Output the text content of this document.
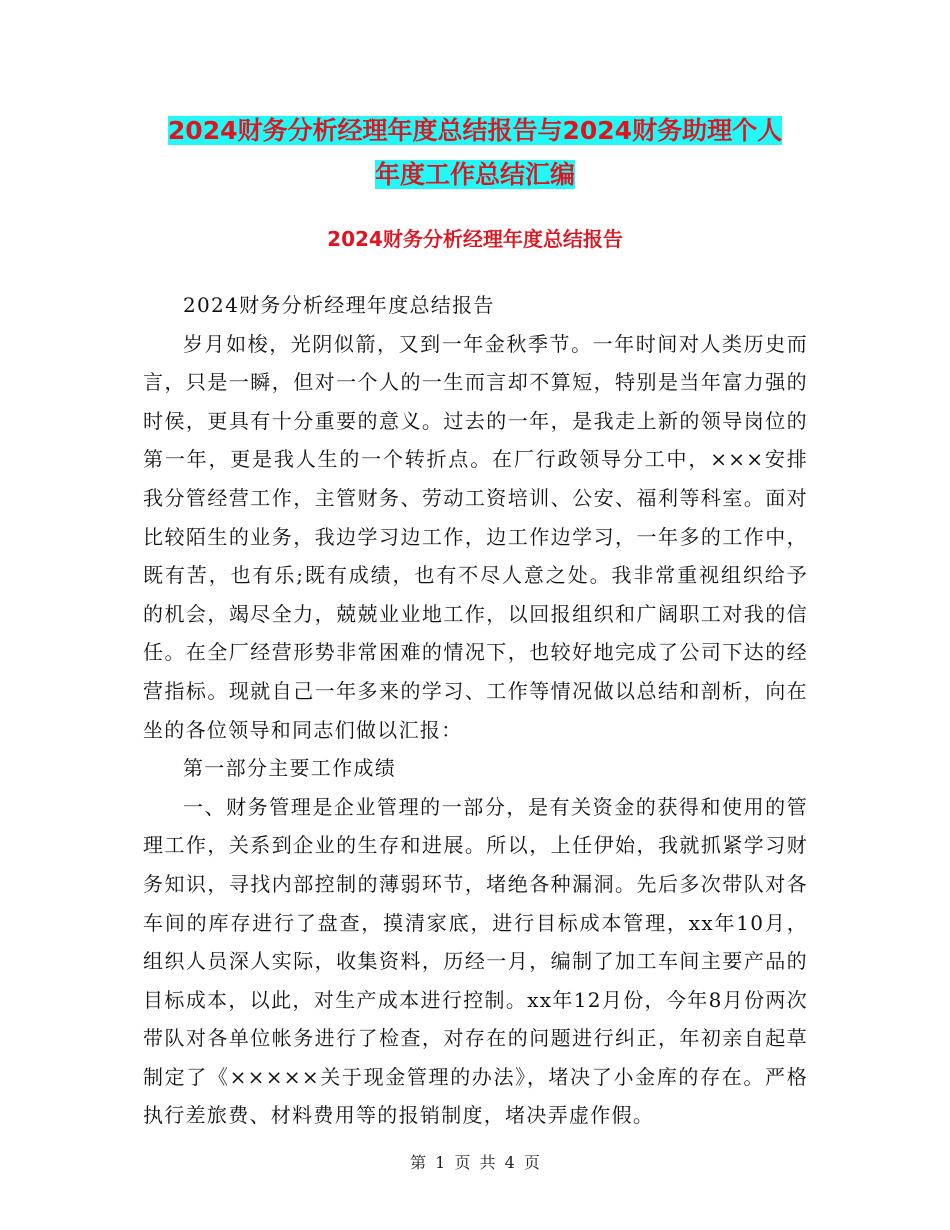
2024财务分析经理年度总结报告与2024财务助理个人
年度工作总结汇编
2024财务分析经理年度总结报告

2024财务分析经理年度总结报告

岁月如梭，光阴似箭，又到一年金秋季节。一年时间对人类历史而言，只是一瞬，但对一个人的一生而言却不算短，特别是当年富力强的时侯，更具有十分重要的意义。过去的一年，是我走上新的领导岗位的第一年，更是我人生的一个转折点。在厂行政领导分工中，×××安排我分管经营工作，主管财务、劳动工资培训、公安、福利等科室。面对比较陌生的业务，我边学习边工作，边工作边学习，一年多的工作中，既有苦，也有乐;既有成绩，也有不尽人意之处。我非常重视组织给予的机会，竭尽全力，兢兢业业地工作，以回报组织和广阔职工对我的信任。在全厂经营形势非常困难的情况下，也较好地完成了公司下达的经营指标。现就自己一年多来的学习、工作等情况做以总结和剖析，向在坐的各位领导和同志们做以汇报：

第一部分主要工作成绩

一、财务管理是企业管理的一部分，是有关资金的获得和使用的管理工作，关系到企业的生存和进展。所以，上任伊始，我就抓紧学习财务知识，寻找内部控制的薄弱环节，堵绝各种漏洞。先后多次带队对各车间的库存进行了盘查，摸清家底，进行目标成本管理，xx年10月，组织人员深人实际，收集资料，历经一月，编制了加工车间主要产品的目标成本，以此，对生产成本进行控制。xx年12月份，今年8月份两次带队对各单位帐务进行了检查，对存在的问题进行纠正，年初亲自起草制定了《×××××关于现金管理的办法》，堵决了小金库的存在。严格执行差旅费、材料费用等的报销制度，堵决弄虚作假。

第 1 页 共 4 页
